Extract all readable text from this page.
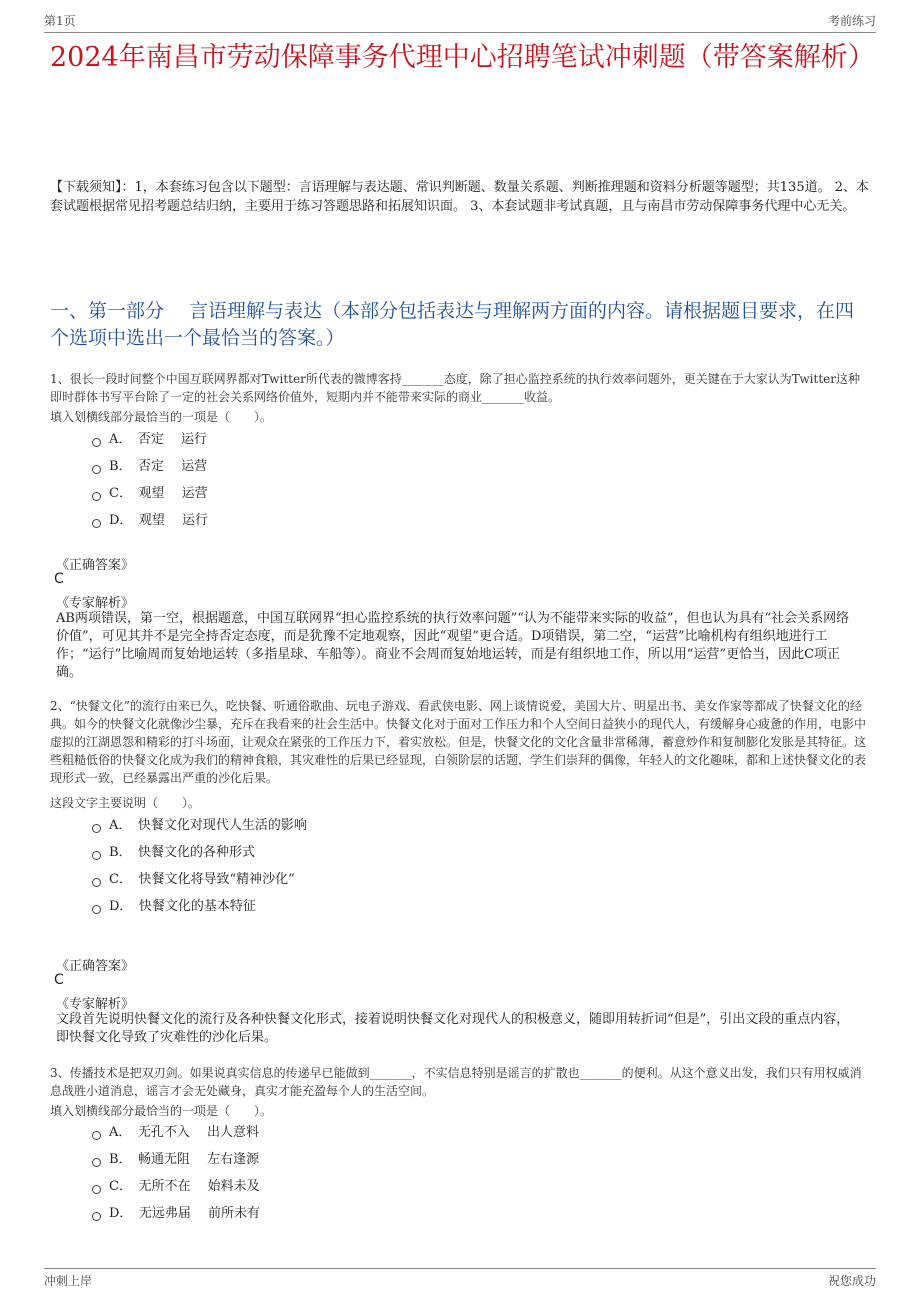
第1页	考前练习
2024年南昌市劳动保障事务代理中心招聘笔试冲刺题（带答案解析）
【下载须知】：1，本套练习包含以下题型：言语理解与表达题、常识判断题、数量关系题、判断推理题和资料分析题等题型；共135道。 2、本套试题根据常见招考题总结归纳，主要用于练习答题思路和拓展知识面。 3、本套试题非考试真题，且与南昌市劳动保障事务代理中心无关。
一、第一部分　 言语理解与表达（本部分包括表达与理解两方面的内容。请根据题目要求，在四个选项中选出一个最恰当的答案。）
1、很长一段时间整个中国互联网界都对Twitter所代表的微博客持_______态度，除了担心监控系统的执行效率问题外，更关键在于大家认为Twitter这种即时群体书写平台除了一定的社会关系网络价值外，短期内并不能带来实际的商业_______收益。
填入划横线部分最恰当的一项是（　　）。
A．　否定　 运行
B．　否定　 运营
C．　观望　 运营
D．　观望　 运行
《正确答案》
C
《专家解析》
AB两项错误，第一空，根据题意，中国互联网界“担心监控系统的执行效率问题”“认为不能带来实际的收益”，但也认为具有“社会关系网络价值”，可见其并不是完全持否定态度，而是犹豫不定地观察，因此“观望”更合适。D项错误，第二空，“运营”比喻机构有组织地进行工作；“运行”比喻周而复始地运转（多指星球、车船等）。商业不会周而复始地运转，而是有组织地工作，所以用“运营”更恰当，因此C项正确。
2、“快餐文化”的流行由来已久，吃快餐、听通俗歌曲、玩电子游戏、看武侠电影、网上谈情说爱，美国大片、明星出书、美女作家等都成了快餐文化的经典。如今的快餐文化就像沙尘暴，充斥在我看来的社会生活中。快餐文化对于面对工作压力和个人空间日益狭小的现代人，有缓解身心疲惫的作用，电影中虚拟的江湖恩怨和精彩的打斗场面，让观众在紧张的工作压力下，着实放松。但是，快餐文化的文化含量非常稀薄，蓄意炒作和复制膨化发胀是其特征。这些粗糙低俗的快餐文化成为我们的精神食粮，其灾难性的后果已经显现，白领阶层的话题，学生们崇拜的偶像，年轻人的文化趣味，都和上述快餐文化的表现形式一致，已经暴露出严重的沙化后果。
这段文字主要说明（　　）。
A．　快餐文化对现代人生活的影响
B．　快餐文化的各种形式
C．　快餐文化将导致“精神沙化”
D．　快餐文化的基本特征
《正确答案》
C
《专家解析》
文段首先说明快餐文化的流行及各种快餐文化形式，接着说明快餐文化对现代人的积极意义，随即用转折词“但是”，引出文段的重点内容，即快餐文化导致了灾难性的沙化后果。
3、传播技术是把双刃剑。如果说真实信息的传递早已能做到_______，不实信息特别是谣言的扩散也_______的便利。从这个意义出发，我们只有用权威消息战胜小道消息，谣言才会无处藏身，真实才能充盈每个人的生活空间。
填入划横线部分最恰当的一项是（　　）。
A．　无孔不入　 出人意料
B．　畅通无阻　 左右逢源
C．　无所不在　 始料未及
D．　无远弗届　 前所未有
冲刺上岸	祝您成功
